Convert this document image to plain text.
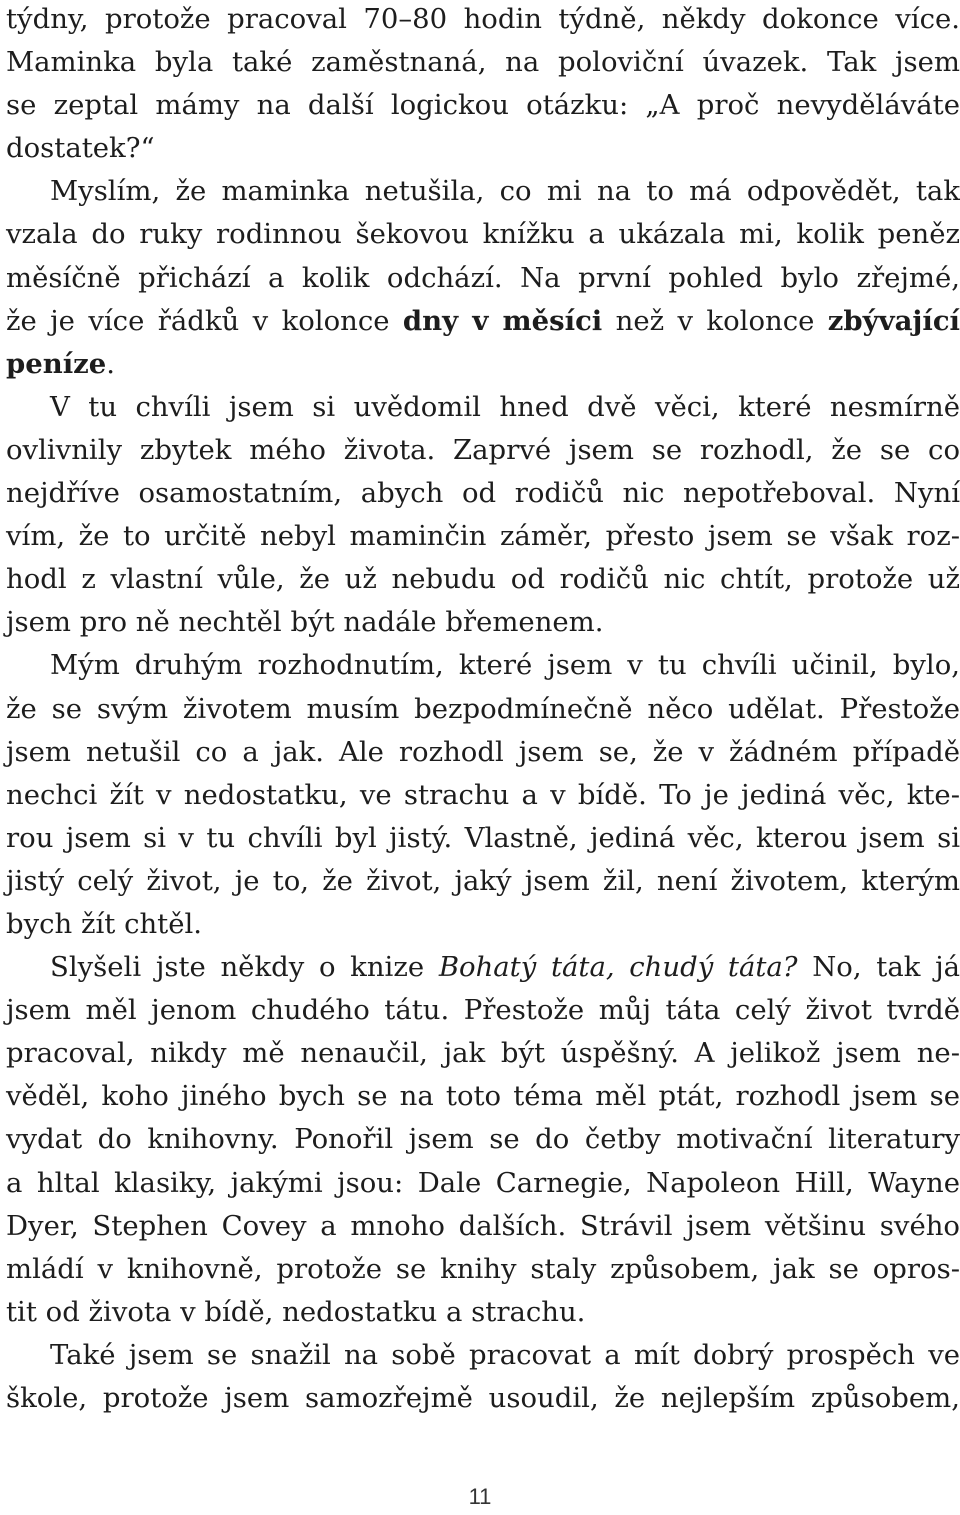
týdny, protože pracoval 70–80 hodin týdně, někdy dokonce více.
Maminka byla také zaměstnaná, na poloviční úvazek. Tak jsem
se zeptal mámy na další logickou otázku: „A proč nevyděláváte
dostatek?“
Myslím, že maminka netušila, co mi na to má odpovědět, tak
vzala do ruky rodinnou šekovou knížku a ukázala mi, kolik peněz
měsíčně přichází a kolik odchází. Na první pohled bylo zřejmé,
že je více řádků v kolonce dny v měsíci než v kolonce zbývající
peníze.
V tu chvíli jsem si uvědomil hned dvě věci, které nesmírně
ovlivnily zbytek mého života. Zaprvé jsem se rozhodl, že se co
nejdříve osamostatním, abych od rodičů nic nepotřeboval. Nyní
vím, že to určitě nebyl maminčin záměr, přesto jsem se však roz-
hodl z vlastní vůle, že už nebudu od rodičů nic chtít, protože už
jsem pro ně nechtěl být nadále břemenem.
Mým druhým rozhodnutím, které jsem v tu chvíli učinil, bylo,
že se svým životem musím bezpodmínečně něco udělat. Přestože
jsem netušil co a jak. Ale rozhodl jsem se, že v žádném případě
nechci žít v nedostatku, ve strachu a v bídě. To je jediná věc, kte-
rou jsem si v tu chvíli byl jistý. Vlastně, jediná věc, kterou jsem si
jistý celý život, je to, že život, jaký jsem žil, není životem, kterým
bych žít chtěl.
Slyšeli jste někdy o knize Bohatý táta, chudý táta? No, tak já
jsem měl jenom chudého tátu. Přestože můj táta celý život tvrdě
pracoval, nikdy mě nenaučil, jak být úspěšný. A jelikož jsem ne-
věděl, koho jiného bych se na toto téma měl ptát, rozhodl jsem se
vydat do knihovny. Ponořil jsem se do četby motivační literatury
a hltal klasiky, jakými jsou: Dale Carnegie, Napoleon Hill, Wayne
Dyer, Stephen Covey a mnoho dalších. Strávil jsem většinu svého
mládí v knihovně, protože se knihy staly způsobem, jak se opros-
tit od života v bídě, nedostatku a strachu.
Také jsem se snažil na sobě pracovat a mít dobrý prospěch ve
škole, protože jsem samozřejmě usoudil, že nejlepším způsobem,
11
